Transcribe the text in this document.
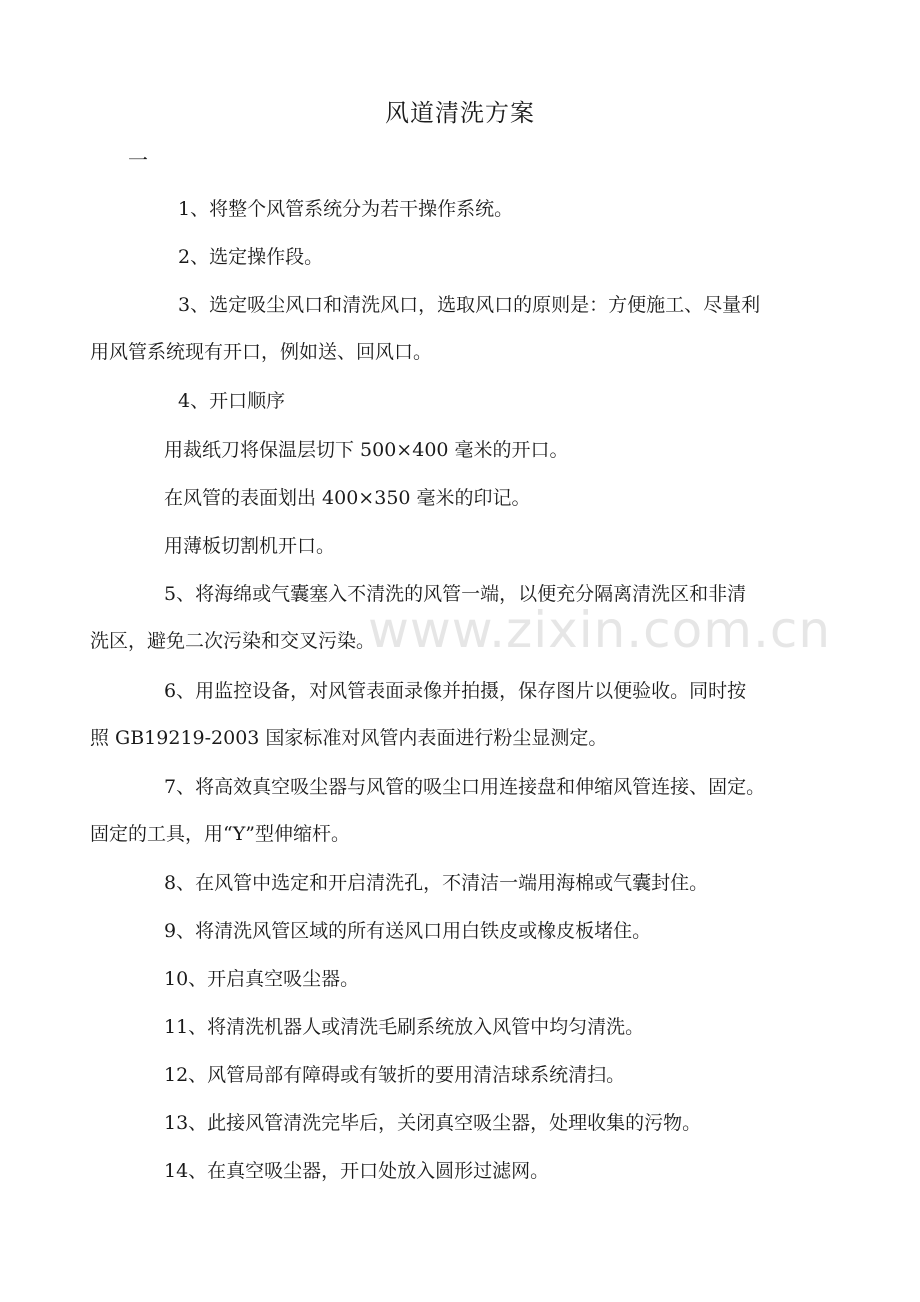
风道清洗方案
一
1、将整个风管系统分为若干操作系统。
2、选定操作段。
3、选定吸尘风口和清洗风口，选取风口的原则是：方便施工、尽量利
用风管系统现有开口，例如送、回风口。
4、开口顺序
用裁纸刀将保温层切下 500×400 毫米的开口。
在风管的表面划出 400×350 毫米的印记。
用薄板切割机开口。
5、将海绵或气囊塞入不清洗的风管一端，以便充分隔离清洗区和非清
洗区，避免二次污染和交叉污染。
6、用监控设备，对风管表面录像并拍摄，保存图片以便验收。同时按
照 GB19219-2003 国家标准对风管内表面进行粉尘显测定。
7、将高效真空吸尘器与风管的吸尘口用连接盘和伸缩风管连接、固定。
固定的工具，用“Y”型伸缩杆。
8、在风管中选定和开启清洗孔，不清洁一端用海棉或气囊封住。
9、将清洗风管区域的所有送风口用白铁皮或橡皮板堵住。
10、开启真空吸尘器。
11、将清洗机器人或清洗毛刷系统放入风管中均匀清洗。
12、风管局部有障碍或有皱折的要用清洁球系统清扫。
13、此接风管清洗完毕后，关闭真空吸尘器，处理收集的污物。
14、在真空吸尘器，开口处放入圆形过滤网。
www.zixin.com.cn
